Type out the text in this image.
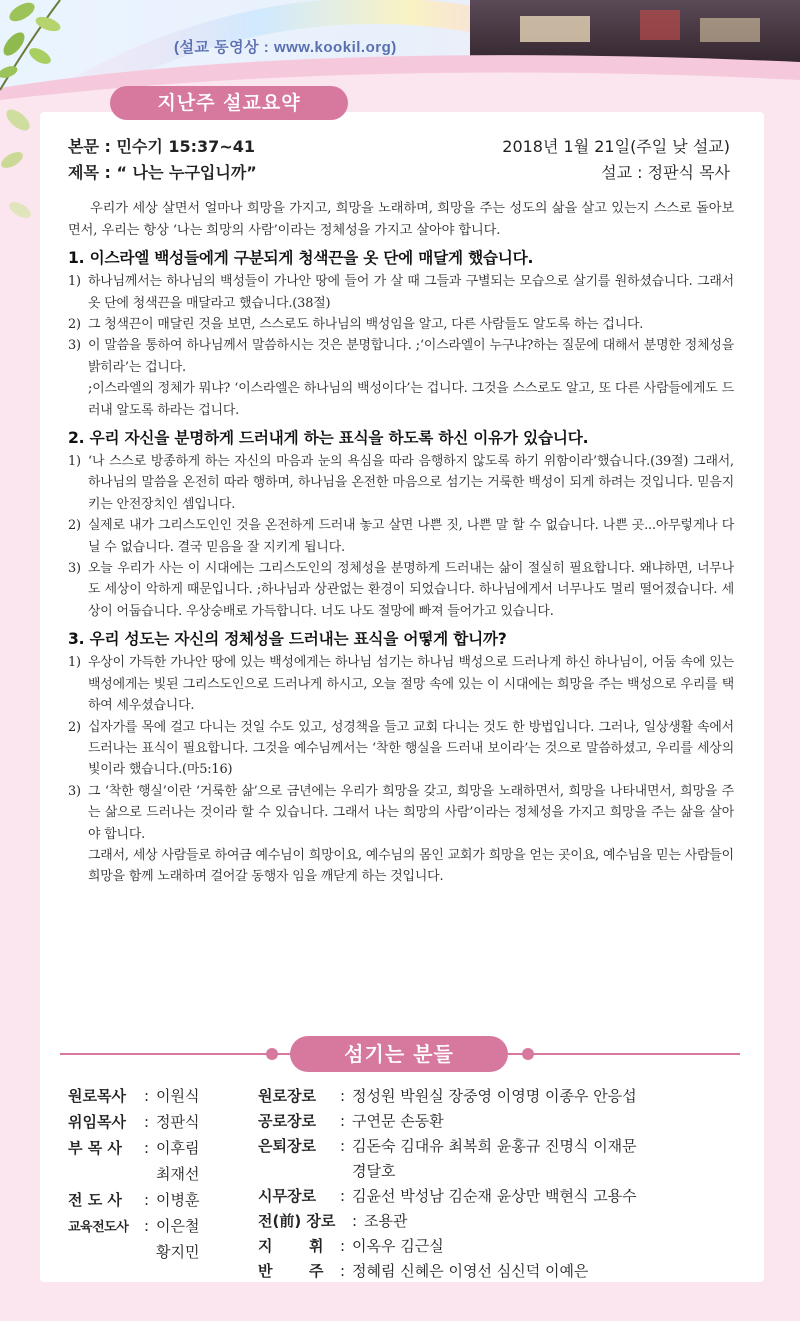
(설교 동영상 : www.kookil.org)
지난주 설교요약
본문 : 민수기 15:37~41
제목 : “ 나는 누구입니까”
2018년 1월 21일(주일 낮 설교)
설교 : 정판식 목사

우리가 세상 살면서 얼마나 희망을 가지고, 희망을 노래하며, 희망을 주는 성도의 삶을 살고 있는지 스스로 돌아보면서, 우리는 항상 ‘나는 희망의 사람’이라는 정체성을 가지고 살아야 합니다.

1. 이스라엘 백성들에게 구분되게 청색끈을 옷 단에 매달게 했습니다.
1) 하나님께서는 하나님의 백성들이 가나안 땅에 들어 가 살 때 그들과 구별되는 모습으로 살기를 원하셨습니다. 그래서 옷 단에 청색끈을 매달라고 했습니다.(38절)
2) 그 청색끈이 매달린 것을 보면, 스스로도 하나님의 백성임을 알고, 다른 사람들도 알도록 하는 겁니다.
3) 이 말씀을 통하여 하나님께서 말씀하시는 것은 분명합니다. ;‘이스라엘이 누구냐?하는 질문에 대해서 분명한 정체성을 밝히라’는 겁니다.
;이스라엘의 정체가 뭐냐? ‘이스라엘은 하나님의 백성이다’는 겁니다. 그것을 스스로도 알고, 또 다른 사람들에게도 드러내 알도록 하라는 겁니다.
2. 우리 자신을 분명하게 드러내게 하는 표식을 하도록 하신 이유가 있습니다.
1) ‘나 스스로 방종하게 하는 자신의 마음과 눈의 욕심을 따라 음행하지 않도록 하기 위함이라’했습니다.(39절) 그래서, 하나님의 말씀을 온전히 따라 행하며, 하나님을 온전한 마음으로 섬기는 거룩한 백성이 되게 하려는 것입니다. 믿음지키는 안전장치인 셈입니다.
2) 실제로 내가 그리스도인인 것을 온전하게 드러내 놓고 살면 나쁜 짓, 나쁜 말 할 수 없습니다. 나쁜 곳...아무렇게나 다닐 수 없습니다. 결국 믿음을 잘 지키게 됩니다.
3) 오늘 우리가 사는 이 시대에는 그리스도인의 정체성을 분명하게 드러내는 삶이 절실히 필요합니다. 왜냐하면, 너무나도 세상이 악하게 때문입니다. ;하나님과 상관없는 환경이 되었습니다. 하나님에게서 너무나도 멀리 떨어졌습니다. 세상이 어둡습니다. 우상숭배로 가득합니다. 너도 나도 절망에 빠져 들어가고 있습니다.
3. 우리 성도는 자신의 정체성을 드러내는 표식을 어떻게 합니까?
1) 우상이 가득한 가나안 땅에 있는 백성에게는 하나님 섬기는 하나님 백성으로 드러나게 하신 하나님이, 어둠 속에 있는 백성에게는 빛된 그리스도인으로 드러나게 하시고, 오늘 절망 속에 있는 이 시대에는 희망을 주는 백성으로 우리를 택하여 세우셨습니다.
2) 십자가를 목에 걸고 다니는 것일 수도 있고, 성경책을 들고 교회 다니는 것도 한 방법입니다. 그러나, 일상생활 속에서 드러나는 표식이 필요합니다. 그것을 예수님께서는 ‘착한 행실을 드러내 보이라’는 것으로 말씀하셨고, 우리를 세상의 빛이라 했습니다.(마5:16)
3) 그 ‘착한 행실’이란 ‘거룩한 삶’으로 금년에는 우리가 희망을 갖고, 희망을 노래하면서, 희망을 나타내면서, 희망을 주는 삶으로 드러나는 것이라 할 수 있습니다. 그래서 나는 희망의 사람’이라는 정체성을 가지고 희망을 주는 삶을 살아야 합니다.
그래서, 세상 사람들로 하여금 예수님이 희망이요, 예수님의 몸인 교회가 희망을 얻는 곳이요, 예수님을 믿는 사람들이 희망을 함께 노래하며 걸어갈 동행자 임을 깨닫게 하는 것입니다.
섬기는 분들
원로목사 : 이원식
위임목사 : 정판식
부 목 사 : 이후림
최재선
전 도 사 : 이병훈
교육전도사 : 이은철
황지민
원로장로 : 정성원 박원실 장중영 이영명 이종우 안응섭
공로장로 : 구연문 손동환
은퇴장로 : 김돈숙 김대유 최복희 윤홍규 진명식 이재문
경달호
시무장로 : 김윤선 박성남 김순재 윤상만 백현식 고용수
전(前) 장로 : 조용관
지       휘 : 이옥우 김근실
반       주 : 정혜림 신혜은 이영선 심신덕 이예은
